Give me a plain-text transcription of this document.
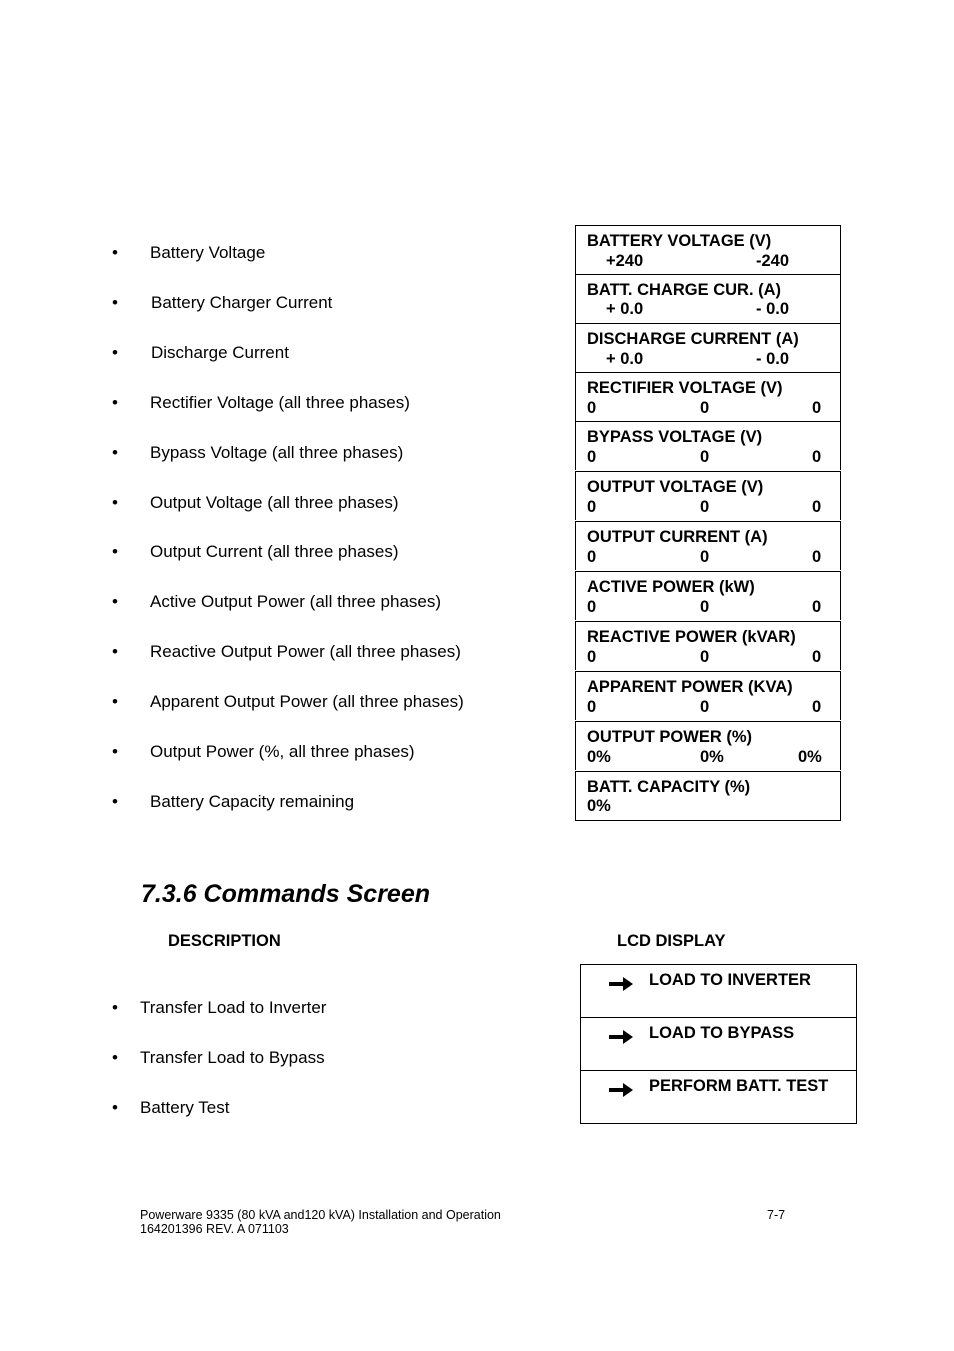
• Battery Voltage
• Battery Charger Current
• Discharge Current
• Rectifier Voltage (all three phases)
• Bypass Voltage (all three phases)
• Output Voltage (all three phases)
• Output Current (all three phases)
• Active Output Power (all three phases)
• Reactive Output Power (all three phases)
• Apparent Output Power (all three phases)
• Output Power (%, all three phases)
• Battery Capacity remaining
BATTERY VOLTAGE (V)
+240	-240
BATT. CHARGE CUR. (A)
+ 0.0	- 0.0
DISCHARGE CURRENT (A)
+ 0.0	- 0.0
RECTIFIER VOLTAGE (V)
0	0	0
BYPASS VOLTAGE (V)
0	0	0
OUTPUT VOLTAGE (V)
0	0	0
OUTPUT CURRENT (A)
0	0	0
ACTIVE POWER (kW)
0	0	0
REACTIVE POWER (kVAR)
0	0	0
APPARENT POWER (KVA)
0	0	0
OUTPUT POWER (%)
0%	0%	0%
BATT. CAPACITY (%)
0%
7.3.6 Commands Screen
DESCRIPTION	LCD DISPLAY
• Transfer Load to Inverter
• Transfer Load to Bypass
• Battery Test
LOAD TO INVERTER
LOAD TO BYPASS
PERFORM BATT. TEST
Powerware 9335 (80 kVA and120 kVA) Installation and Operation
164201396 REV. A 071103
7-7
